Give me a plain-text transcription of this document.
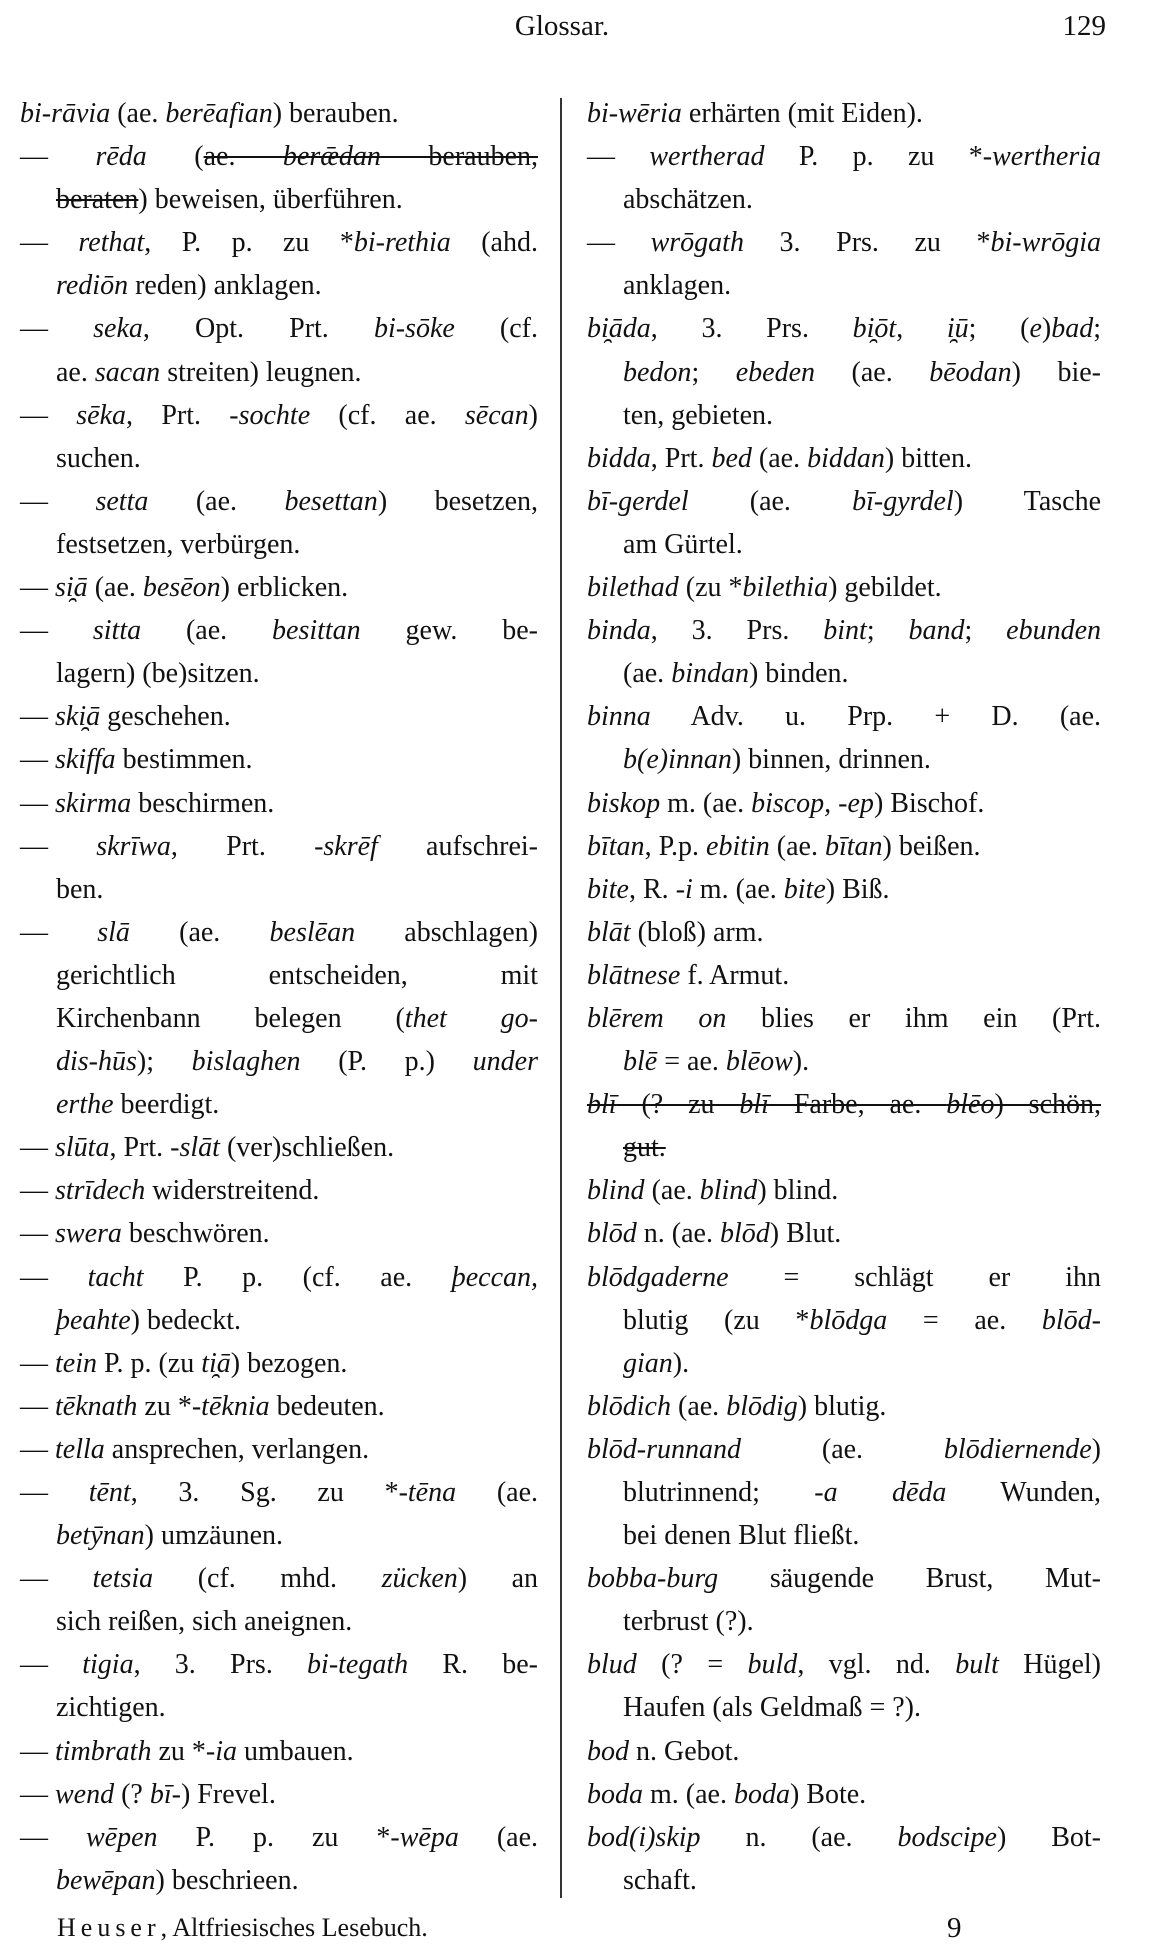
Glossar.	129
bi-rāvia (ae. berēafian) berauben.
— rēda (ae. berǣdan berauben,
beraten) beweisen, überführen.
— rethat, P. p. zu *bi-rethia (ahd.
rediōn reden) anklagen.
— seka, Opt. Prt. bi-sōke (cf.
ae. sacan streiten) leugnen.
— sēka, Prt. -sochte (cf. ae. sēcan)
suchen.
— setta (ae. besettan) besetzen,
festsetzen, verbürgen.
— si̯ā (ae. besēon) erblicken.
— sitta (ae. besittan gew. be-
lagern) (be)sitzen.
— ski̯ā geschehen.
— skiffa bestimmen.
— skirma beschirmen.
— skrīwa, Prt. -skrēf aufschrei-
ben.
— slā (ae. beslēan abschlagen)
gerichtlich entscheiden, mit
Kirchenbann belegen (thet go-
dis-hūs); bislaghen (P. p.) under
erthe beerdigt.
— slūta, Prt. -slāt (ver)schließen.
— strīdech widerstreitend.
— swera beschwören.
— tacht P. p. (cf. ae. þeccan,
þeahte) bedeckt.
— tein P. p. (zu ti̯ā) bezogen.
— tēknath zu *-tēknia bedeuten.
— tella ansprechen, verlangen.
— tēnt, 3. Sg. zu *-tēna (ae.
betȳnan) umzäunen.
— tetsia (cf. mhd. zücken) an
sich reißen, sich aneignen.
— tigia, 3. Prs. bi-tegath R. be-
zichtigen.
— timbrath zu *-ia umbauen.
— wend (? bī-) Frevel.
— wēpen P. p. zu *-wēpa (ae.
bewēpan) beschrieen.
bi-wēria erhärten (mit Eiden).
— wertherad P. p. zu *-wertheria
abschätzen.
— wrōgath 3. Prs. zu *bi-wrōgia
anklagen.
bi̯āda, 3. Prs. bi̯ōt, i̯ū; (e)bad;
bedon; ebeden (ae. bēodan) bie-
ten, gebieten.
bidda, Prt. bed (ae. biddan) bitten.
bī-gerdel (ae. bī-gyrdel) Tasche
am Gürtel.
bilethad (zu *bilethia) gebildet.
binda, 3. Prs. bint; band; ebunden
(ae. bindan) binden.
binna Adv. u. Prp. + D. (ae.
b(e)innan) binnen, drinnen.
biskop m. (ae. biscop, -ep) Bischof.
bītan, P.p. ebitin (ae. bītan) beißen.
bite, R. -i m. (ae. bite) Biß.
blāt (bloß) arm.
blātnese f. Armut.
blērem on blies er ihm ein (Prt.
blē = ae. blēow).
blī (? zu blī Farbe, ae. blēo) schön,
gut.
blind (ae. blind) blind.
blōd n. (ae. blōd) Blut.
blōdgaderne = schlägt er ihn
blutig (zu *blōdga = ae. blōd-
gian).
blōdich (ae. blōdig) blutig.
blōd-runnand (ae. blōdiernende)
blutrinnend; -a dēda Wunden,
bei denen Blut fließt.
bobba-burg säugende Brust, Mut-
terbrust (?).
blud (? = buld, vgl. nd. bult Hügel)
Haufen (als Geldmaß = ?).
bod n. Gebot.
boda m. (ae. boda) Bote.
bod(i)skip n. (ae. bodscipe) Bot-
schaft.
Heuser, Altfriesisches Lesebuch.	9
